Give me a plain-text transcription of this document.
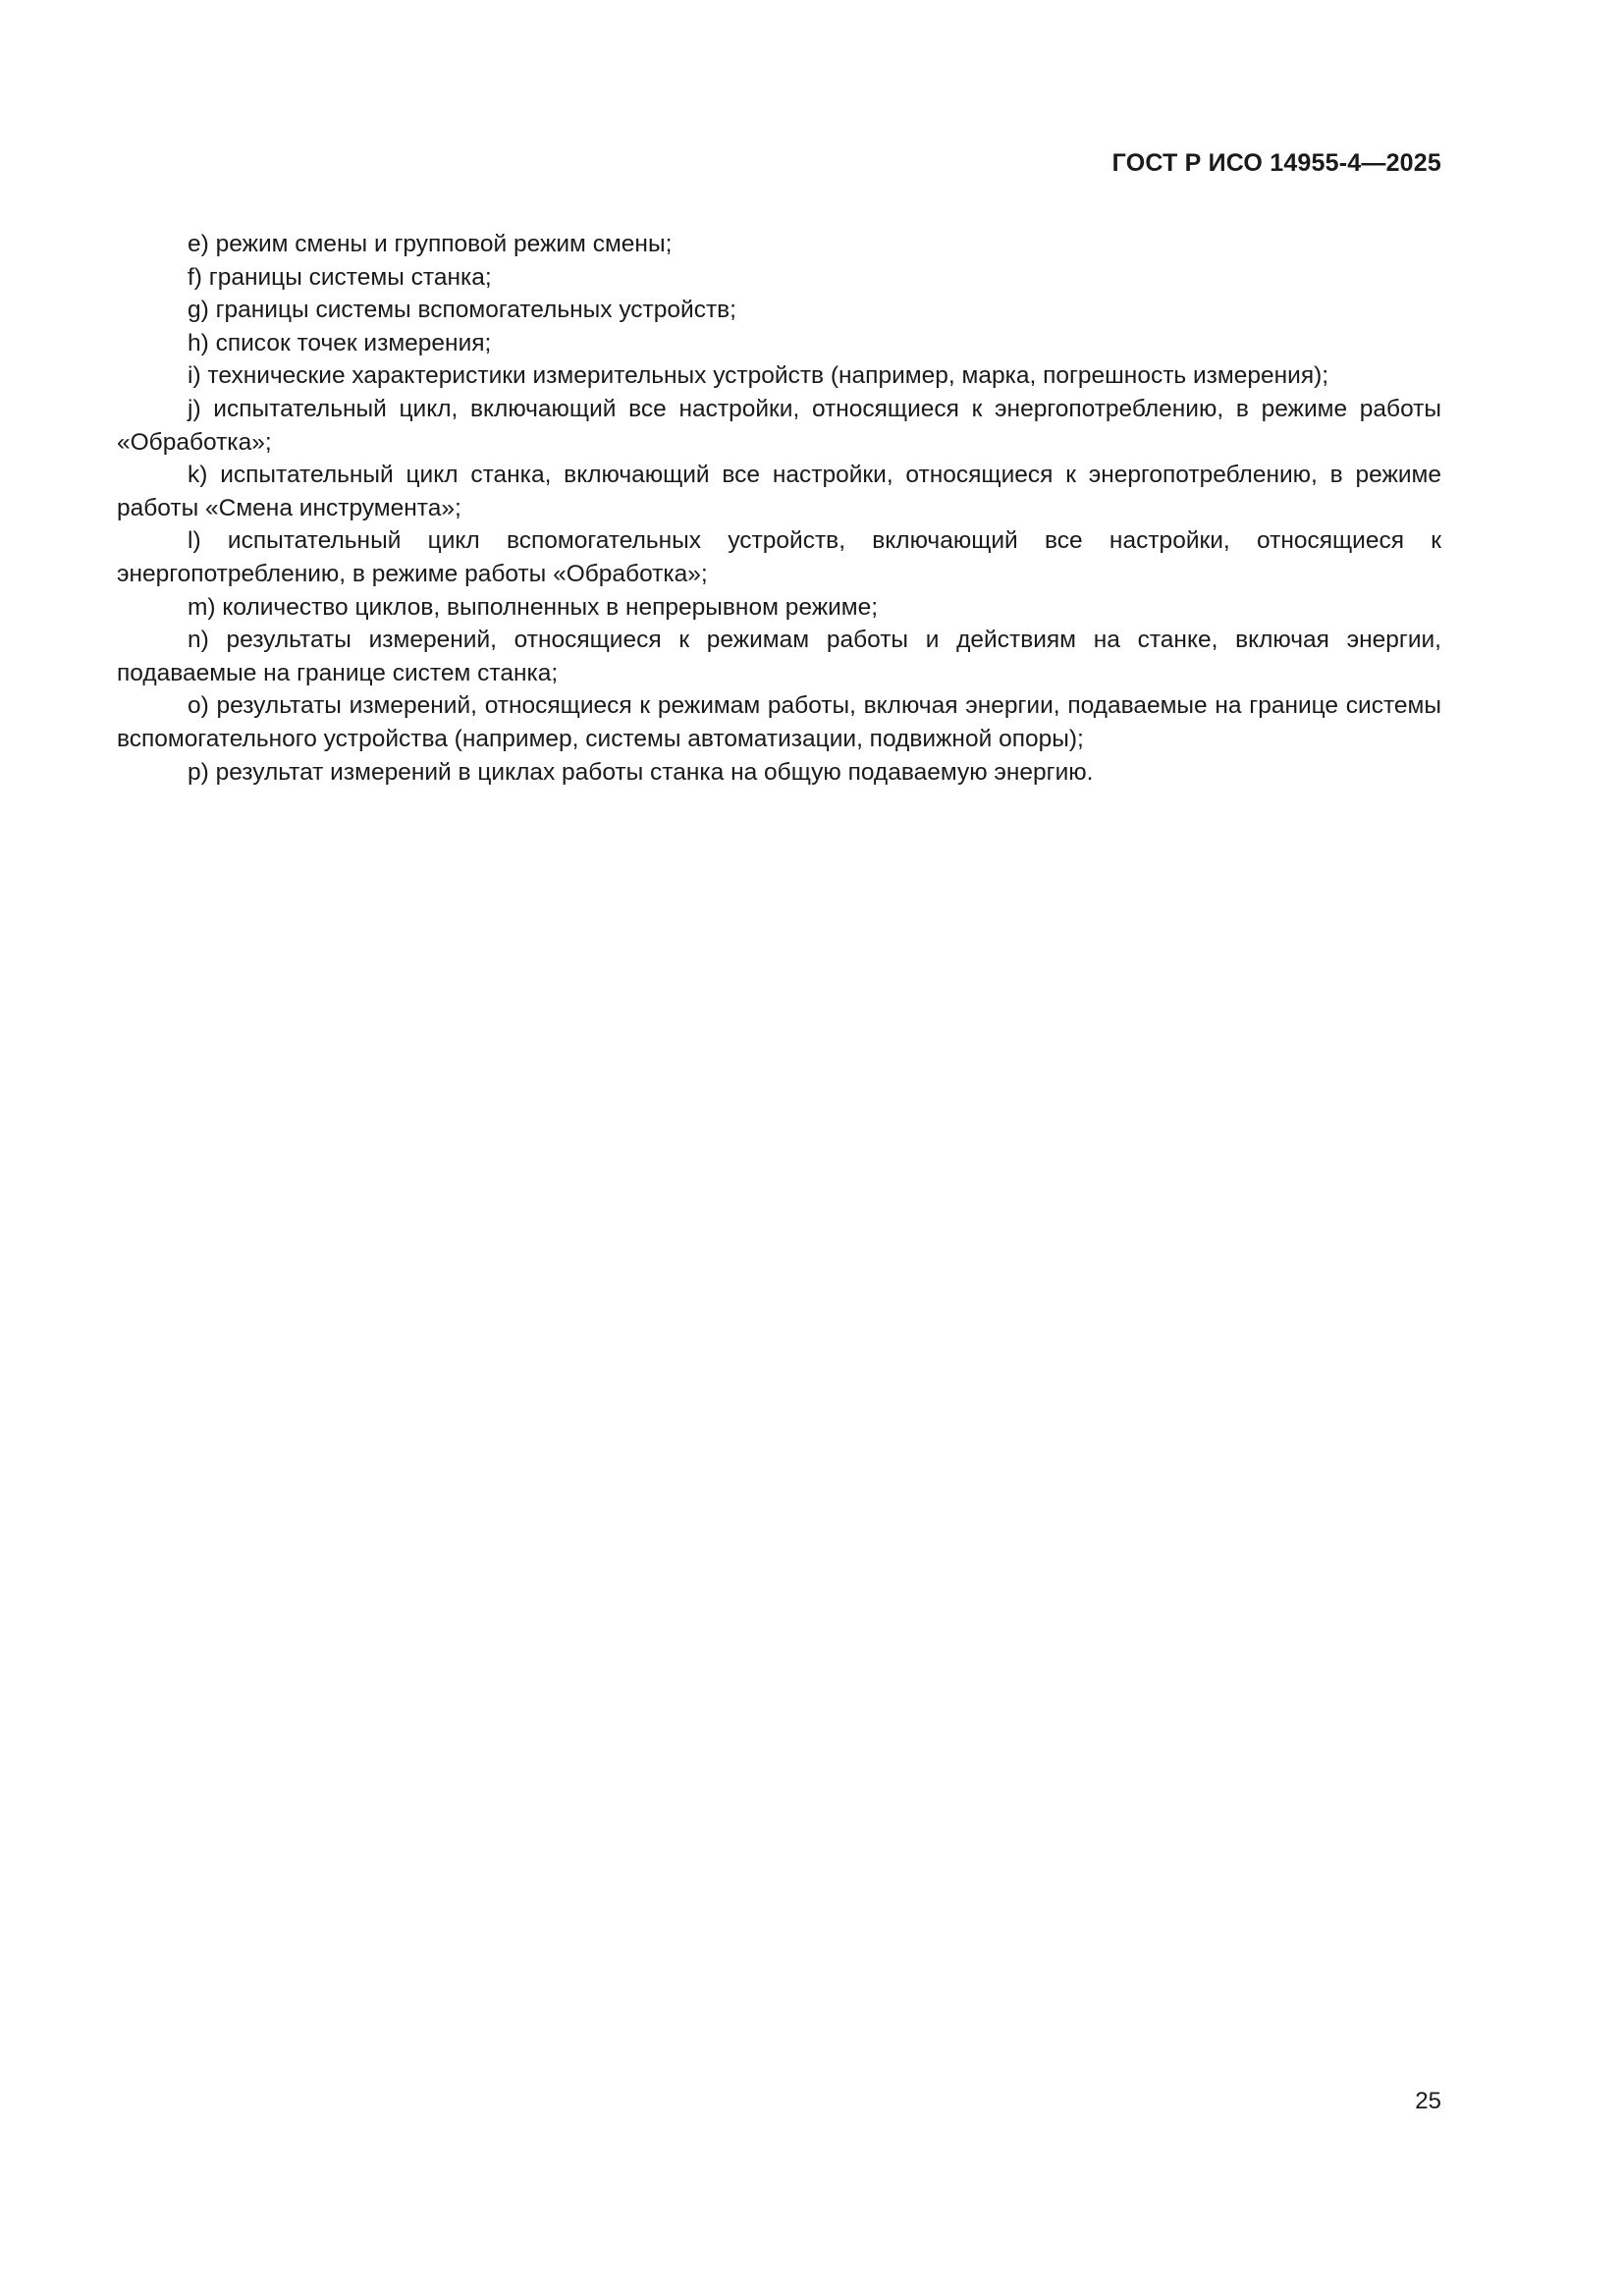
ГОСТ Р ИСО 14955-4—2025

e) режим смены и групповой режим смены;

f) границы системы станка;

g) границы системы вспомогательных устройств;

h) список точек измерения;

i) технические характеристики измерительных устройств (например, марка, погрешность измерения);

j) испытательный цикл, включающий все настройки, относящиеся к энергопотреблению, в режиме работы «Обработка»;

k) испытательный цикл станка, включающий все настройки, относящиеся к энергопотреблению, в режиме работы «Смена инструмента»;

l) испытательный цикл вспомогательных устройств, включающий все настройки, относящиеся к энергопотреблению, в режиме работы «Обработка»;

m) количество циклов, выполненных в непрерывном режиме;

n) результаты измерений, относящиеся к режимам работы и действиям на станке, включая энергии, подаваемые на границе систем станка;

o) результаты измерений, относящиеся к режимам работы, включая энергии, подаваемые на границе системы вспомогательного устройства (например, системы автоматизации, подвижной опоры);

p) результат измерений в циклах работы станка на общую подаваемую энергию.

25
